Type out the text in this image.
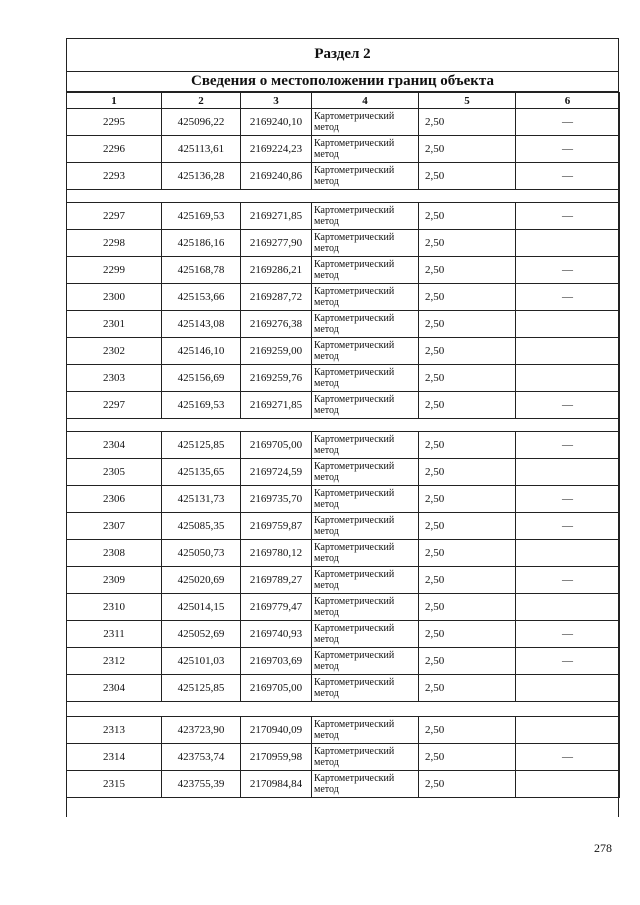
Раздел 2
Сведения о местоположении границ объекта
1	2	3	4	5	6
2295	425096,22	2169240,10	Картометрический метод	2,50	—
2296	425113,61	2169224,23	Картометрический метод	2,50	—
2293	425136,28	2169240,86	Картометрический метод	2,50	—

2297	425169,53	2169271,85	Картометрический метод	2,50	—
2298	425186,16	2169277,90	Картометрический метод	2,50	
2299	425168,78	2169286,21	Картометрический метод	2,50	—
2300	425153,66	2169287,72	Картометрический метод	2,50	—
2301	425143,08	2169276,38	Картометрический метод	2,50	
2302	425146,10	2169259,00	Картометрический метод	2,50	
2303	425156,69	2169259,76	Картометрический метод	2,50	
2297	425169,53	2169271,85	Картометрический метод	2,50	—

2304	425125,85	2169705,00	Картометрический метод	2,50	—
2305	425135,65	2169724,59	Картометрический метод	2,50	
2306	425131,73	2169735,70	Картометрический метод	2,50	—
2307	425085,35	2169759,87	Картометрический метод	2,50	—
2308	425050,73	2169780,12	Картометрический метод	2,50	
2309	425020,69	2169789,27	Картометрический метод	2,50	—
2310	425014,15	2169779,47	Картометрический метод	2,50	
2311	425052,69	2169740,93	Картометрический метод	2,50	—
2312	425101,03	2169703,69	Картометрический метод	2,50	—
2304	425125,85	2169705,00	Картометрический метод	2,50	

2313	423723,90	2170940,09	Картометрический метод	2,50	
2314	423753,74	2170959,98	Картометрический метод	2,50	—
2315	423755,39	2170984,84	Картометрический метод	2,50	
278
